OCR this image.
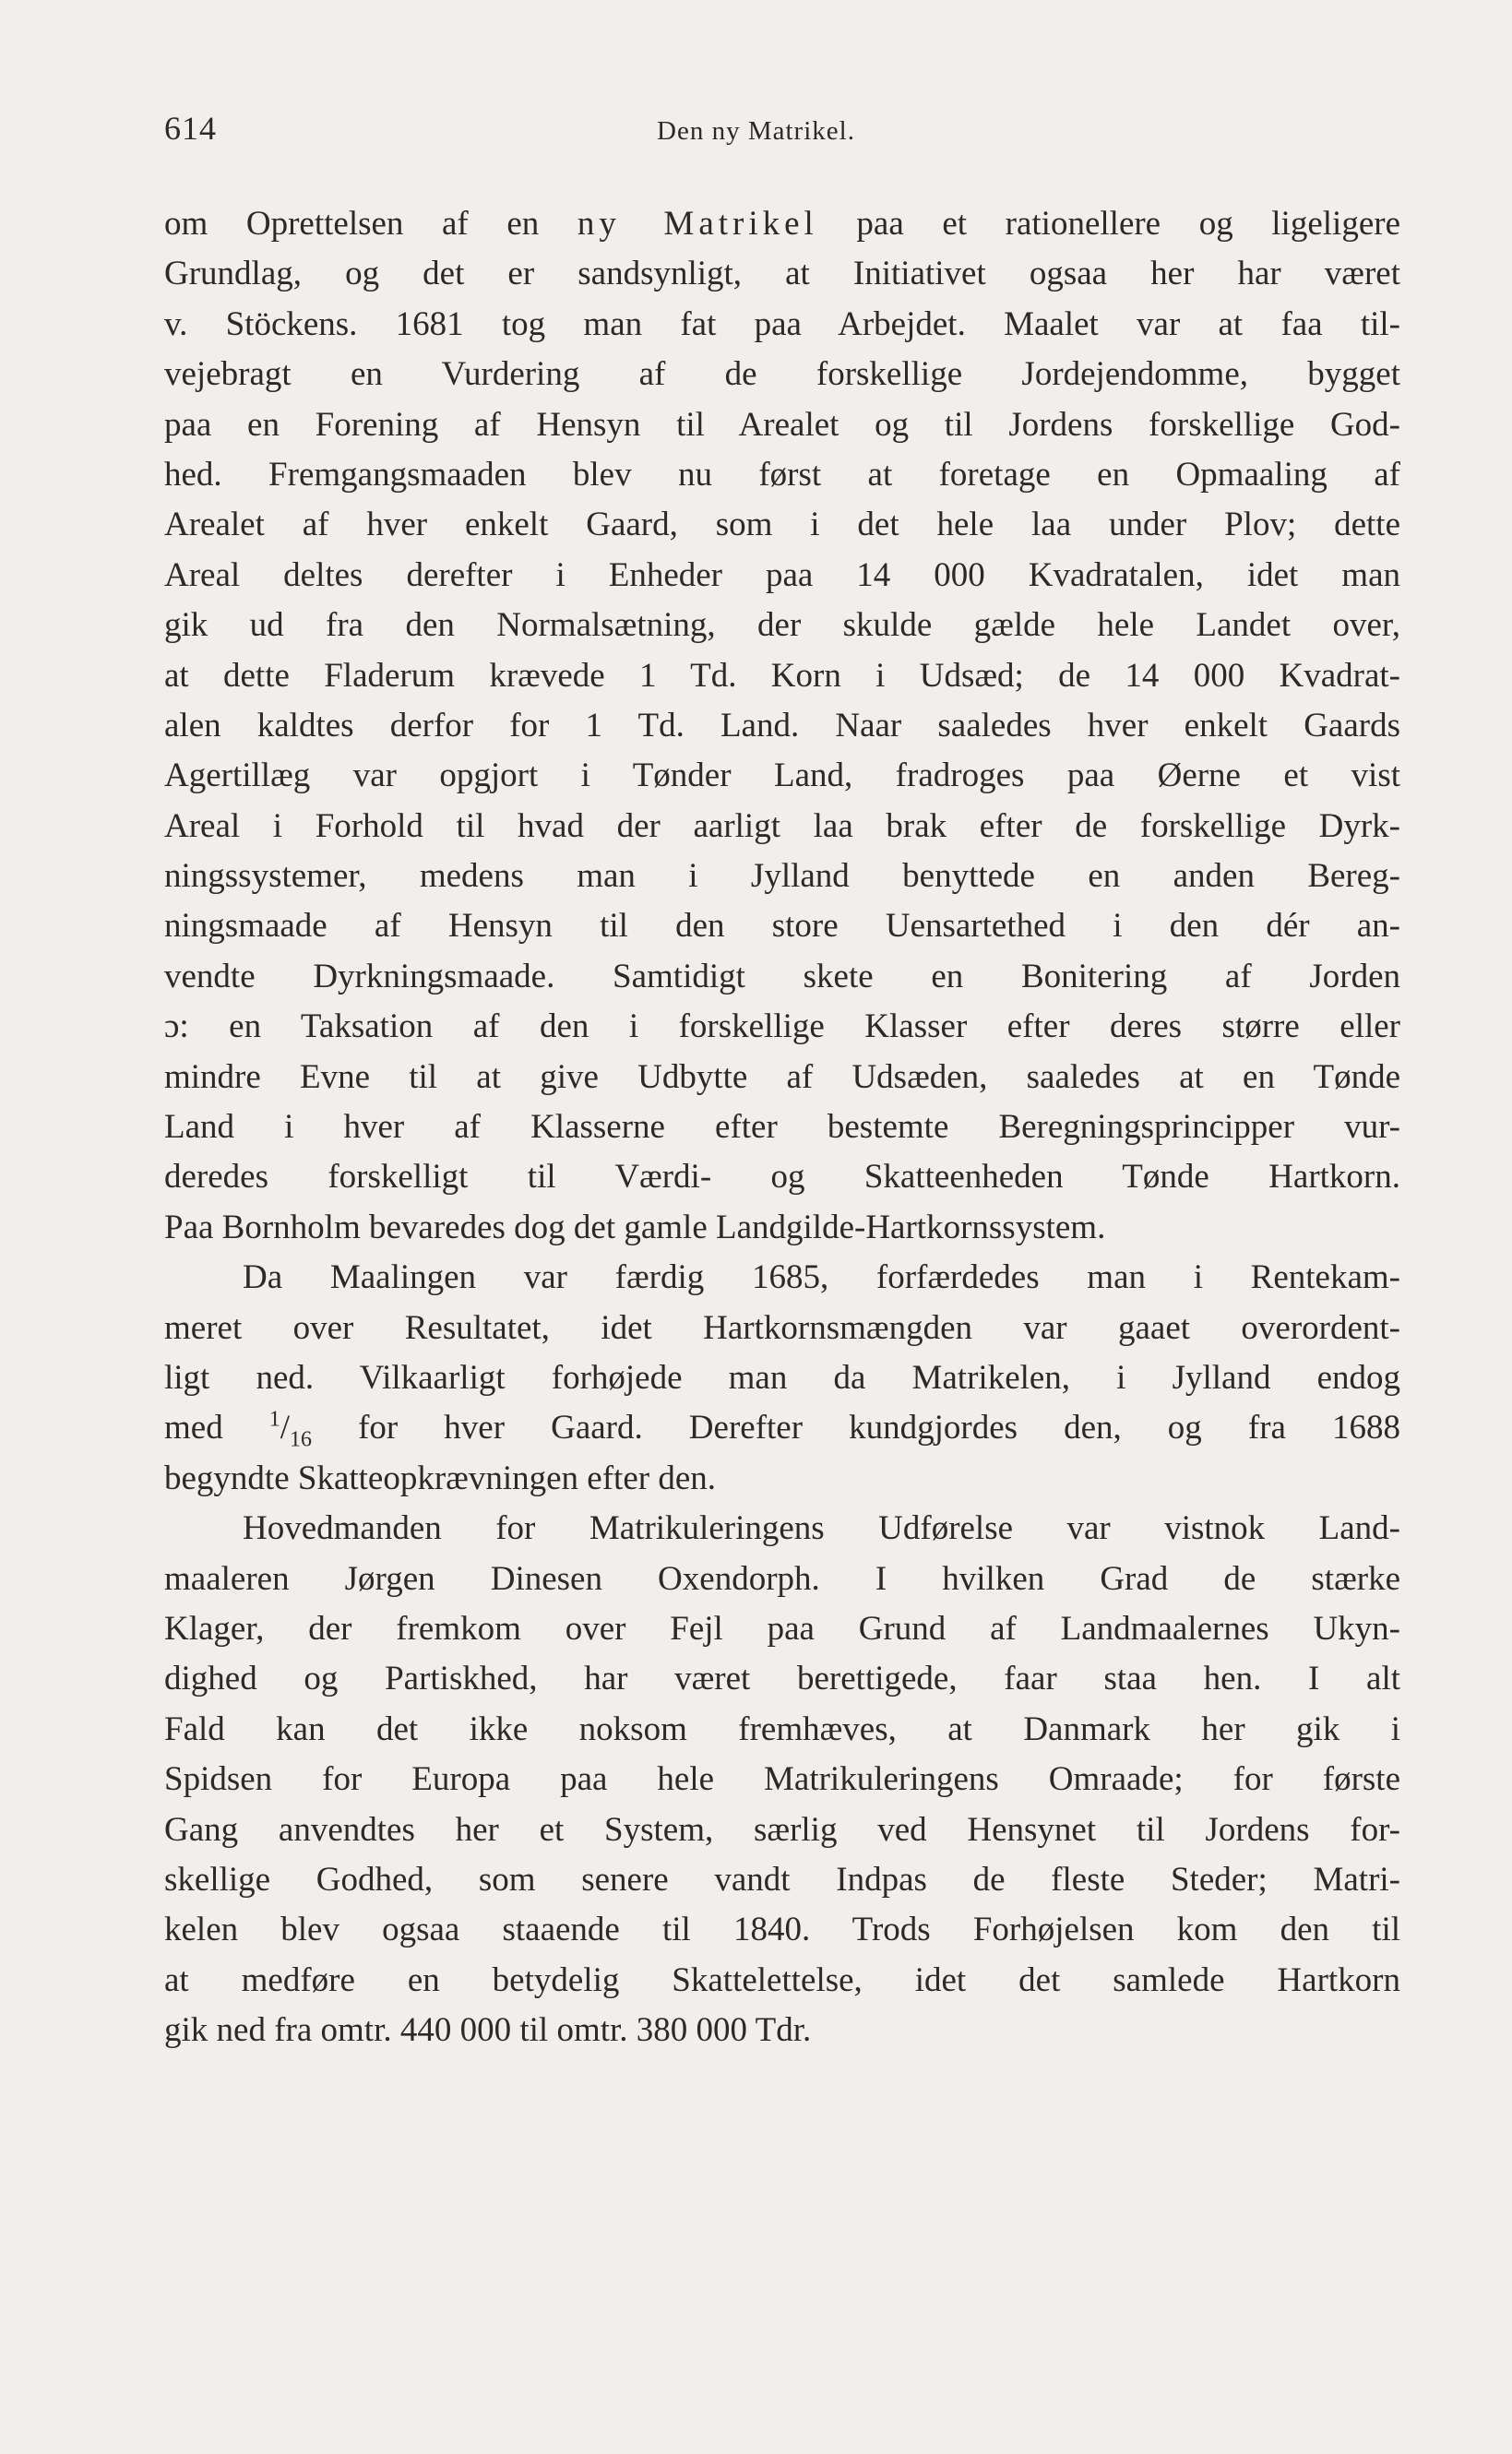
614	Den ny Matrikel.
om Oprettelsen af en ny Matrikel paa et rationellere og ligeligere
Grundlag, og det er sandsynligt, at Initiativet ogsaa her har været
v. Stöckens. 1681 tog man fat paa Arbejdet. Maalet var at faa til-
vejebragt en Vurdering af de forskellige Jordejendomme, bygget
paa en Forening af Hensyn til Arealet og til Jordens forskellige God-
hed. Fremgangsmaaden blev nu først at foretage en Opmaaling af
Arealet af hver enkelt Gaard, som i det hele laa under Plov; dette
Areal deltes derefter i Enheder paa 14 000 Kvadratalen, idet man
gik ud fra den Normalsætning, der skulde gælde hele Landet over,
at dette Fladerum krævede 1 Td. Korn i Udsæd; de 14 000 Kvadrat-
alen kaldtes derfor for 1 Td. Land. Naar saaledes hver enkelt Gaards
Agertillæg var opgjort i Tønder Land, fradroges paa Øerne et vist
Areal i Forhold til hvad der aarligt laa brak efter de forskellige Dyrk-
ningssystemer, medens man i Jylland benyttede en anden Bereg-
ningsmaade af Hensyn til den store Uensartethed i den dér an-
vendte Dyrkningsmaade. Samtidigt skete en Bonitering af Jorden
ɔ: en Taksation af den i forskellige Klasser efter deres større eller
mindre Evne til at give Udbytte af Udsæden, saaledes at en Tønde
Land i hver af Klasserne efter bestemte Beregningsprincipper vur-
deredes forskelligt til Værdi- og Skatteenheden Tønde Hartkorn.
Paa Bornholm bevaredes dog det gamle Landgilde-Hartkornssystem.
Da Maalingen var færdig 1685, forfærdedes man i Rentekam-
meret over Resultatet, idet Hartkornsmængden var gaaet overordent-
ligt ned. Vilkaarligt forhøjede man da Matrikelen, i Jylland endog
med $^1/_{16}$ for hver Gaard. Derefter kundgjordes den, og fra 1688
begyndte Skatteopkrævningen efter den.
Hovedmanden for Matrikuleringens Udførelse var vistnok Land-
maaleren Jørgen Dinesen Oxendorph. I hvilken Grad de stærke
Klager, der fremkom over Fejl paa Grund af Landmaalernes Ukyn-
dighed og Partiskhed, har været berettigede, faar staa hen. I alt
Fald kan det ikke noksom fremhæves, at Danmark her gik i
Spidsen for Europa paa hele Matrikuleringens Omraade; for første
Gang anvendtes her et System, særlig ved Hensynet til Jordens for-
skellige Godhed, som senere vandt Indpas de fleste Steder; Matri-
kelen blev ogsaa staaende til 1840. Trods Forhøjelsen kom den til
at medføre en betydelig Skattelettelse, idet det samlede Hartkorn
gik ned fra omtr. 440 000 til omtr. 380 000 Tdr.
